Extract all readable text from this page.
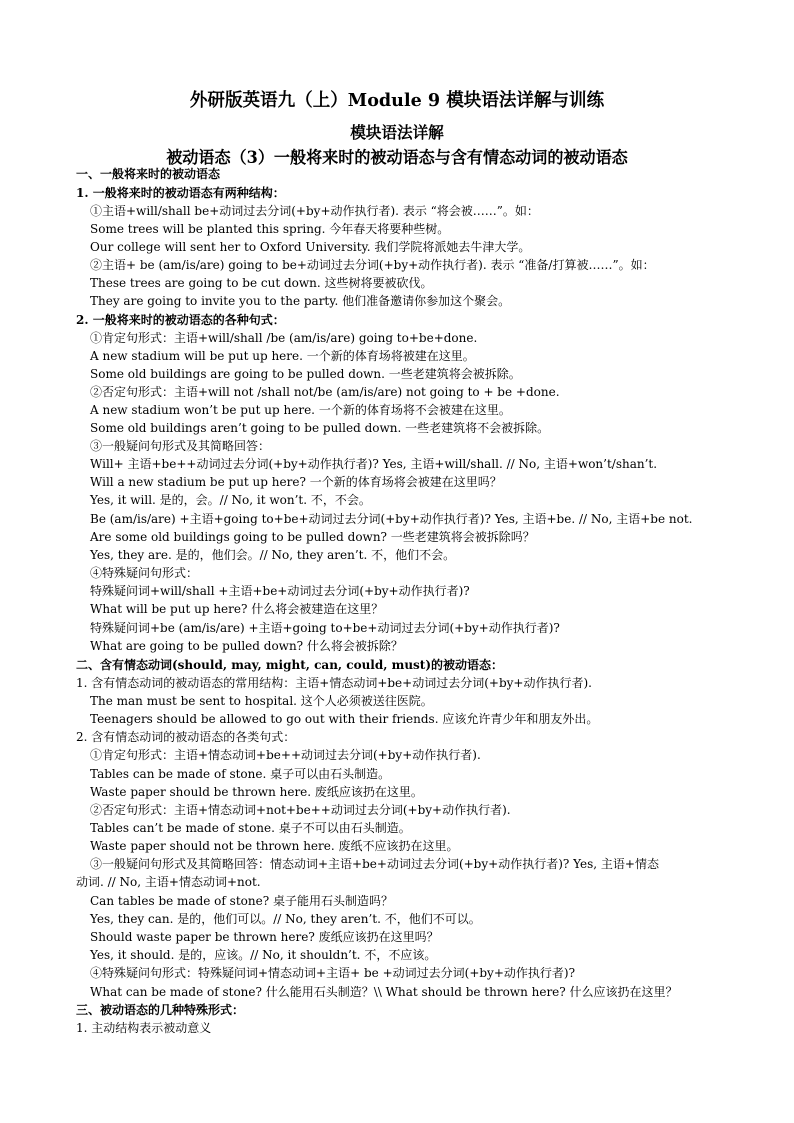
外研版英语九（上）Module 9 模块语法详解与训练
模块语法详解
被动语态（3）一般将来时的被动语态与含有情态动词的被动语态
一、一般将来时的被动语态
1. 一般将来时的被动语态有两种结构：
①主语+will/shall be+动词过去分词(+by+动作执行者). 表示 “将会被……”。如：
Some trees will be planted this spring. 今年春天将要种些树。
Our college will sent her to Oxford University. 我们学院将派她去牛津大学。
②主语+ be (am/is/are) going to be+动词过去分词(+by+动作执行者). 表示 “准备/打算被……”。如：
These trees are going to be cut down. 这些树将要被砍伐。
They are going to invite you to the party. 他们准备邀请你参加这个聚会。
2. 一般将来时的被动语态的各种句式：
①肯定句形式：主语+will/shall /be (am/is/are) going to+be+done.
A new stadium will be put up here. 一个新的体育场将被建在这里。
Some old buildings are going to be pulled down. 一些老建筑将会被拆除。
②否定句形式：主语+will not /shall not/be (am/is/are) not going to + be +done.
A new stadium won’t be put up here. 一个新的体育场将不会被建在这里。
Some old buildings aren’t going to be pulled down. 一些老建筑将不会被拆除。
③一般疑问句形式及其简略回答：
Will+ 主语+be++动词过去分词(+by+动作执行者)? Yes, 主语+will/shall. // No, 主语+won’t/shan’t.
Will a new stadium be put up here? 一个新的体育场将会被建在这里吗？
Yes, it will. 是的，会。// No, it won’t. 不，不会。
Be (am/is/are) +主语+going to+be+动词过去分词(+by+动作执行者)? Yes, 主语+be. // No, 主语+be not.
Are some old buildings going to be pulled down? 一些老建筑将会被拆除吗？
Yes, they are. 是的，他们会。// No, they aren’t. 不，他们不会。
④特殊疑问句形式：
特殊疑问词+will/shall +主语+be+动词过去分词(+by+动作执行者)?
What will be put up here? 什么将会被建造在这里？
特殊疑问词+be (am/is/are) +主语+going to+be+动词过去分词(+by+动作执行者)?
What are going to be pulled down? 什么将会被拆除？
二、含有情态动词(should, may, might, can, could, must)的被动语态：
1. 含有情态动词的被动语态的常用结构：主语+情态动词+be+动词过去分词(+by+动作执行者).
The man must be sent to hospital. 这个人必须被送往医院。
Teenagers should be allowed to go out with their friends. 应该允许青少年和朋友外出。
2. 含有情态动词的被动语态的各类句式：
①肯定句形式：主语+情态动词+be++动词过去分词(+by+动作执行者).
Tables can be made of stone. 桌子可以由石头制造。
Waste paper should be thrown here. 废纸应该扔在这里。
②否定句形式：主语+情态动词+not+be++动词过去分词(+by+动作执行者).
Tables can’t be made of stone. 桌子不可以由石头制造。
Waste paper should not be thrown here. 废纸不应该扔在这里。
③一般疑问句形式及其简略回答：情态动词+主语+be+动词过去分词(+by+动作执行者)? Yes, 主语+情态
动词. // No, 主语+情态动词+not.
Can tables be made of stone? 桌子能用石头制造吗？
Yes, they can. 是的，他们可以。// No, they aren’t. 不，他们不可以。
Should waste paper be thrown here? 废纸应该扔在这里吗？
Yes, it should. 是的，应该。// No, it shouldn’t. 不，不应该。
④特殊疑问句形式：特殊疑问词+情态动词+主语+ be +动词过去分词(+by+动作执行者)?
What can be made of stone? 什么能用石头制造？\\ What should be thrown here? 什么应该扔在这里？
三、被动语态的几种特殊形式：
1. 主动结构表示被动意义
